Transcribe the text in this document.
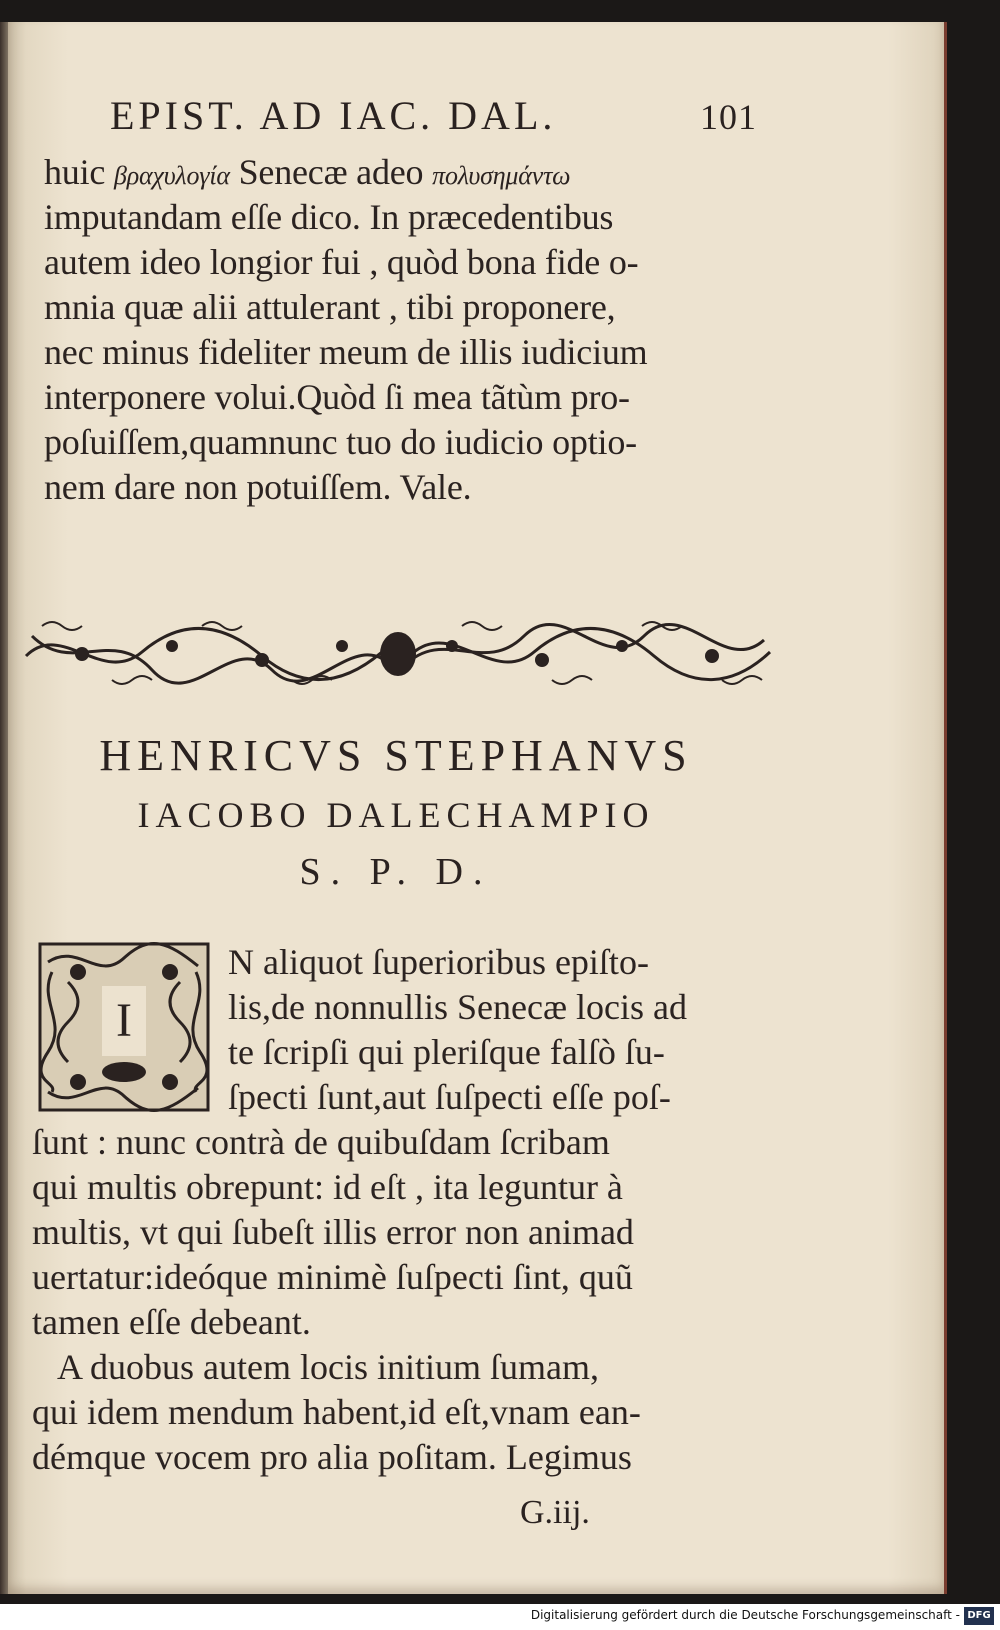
EPIST. AD IAC. DAL.	101
huic βραχυλογία Senecæ adeo πολυσημάντω
imputandam eſſe dico. In præcedentibus
autem ideo longior fui , quòd bona fide o-
mnia quæ alii attulerant , tibi proponere,
nec minus fideliter meum de illis iudicium
interponere volui.Quòd ſi mea tãtùm pro-
poſuiſſem,quamnunc tuo do iudicio optio-
nem dare non potuiſſem. Vale.
HENRICVS STEPHANVS
IACOBO DALECHAMPIO
S. P. D.
N aliquot ſuperioribus epiſto-
lis,de nonnullis Senecæ locis ad
te ſcripſi qui pleriſque falſò ſu-
ſpecti ſunt,aut ſuſpecti eſſe poſ-
ſunt : nunc contrà de quibuſdam ſcribam
qui multis obrepunt: id eſt , ita leguntur à
multis, vt qui ſubeſt illis error non animad
uertatur:ideóque minimè ſuſpecti ſint, quũ
tamen eſſe debeant.
A duobus autem locis initium ſumam,
qui idem mendum habent,id eſt,vnam ean-
démque vocem pro alia poſitam. Legimus
I
G.iij.
Digitalisierung gefördert durch die Deutsche Forschungsgemeinschaft - DFG
